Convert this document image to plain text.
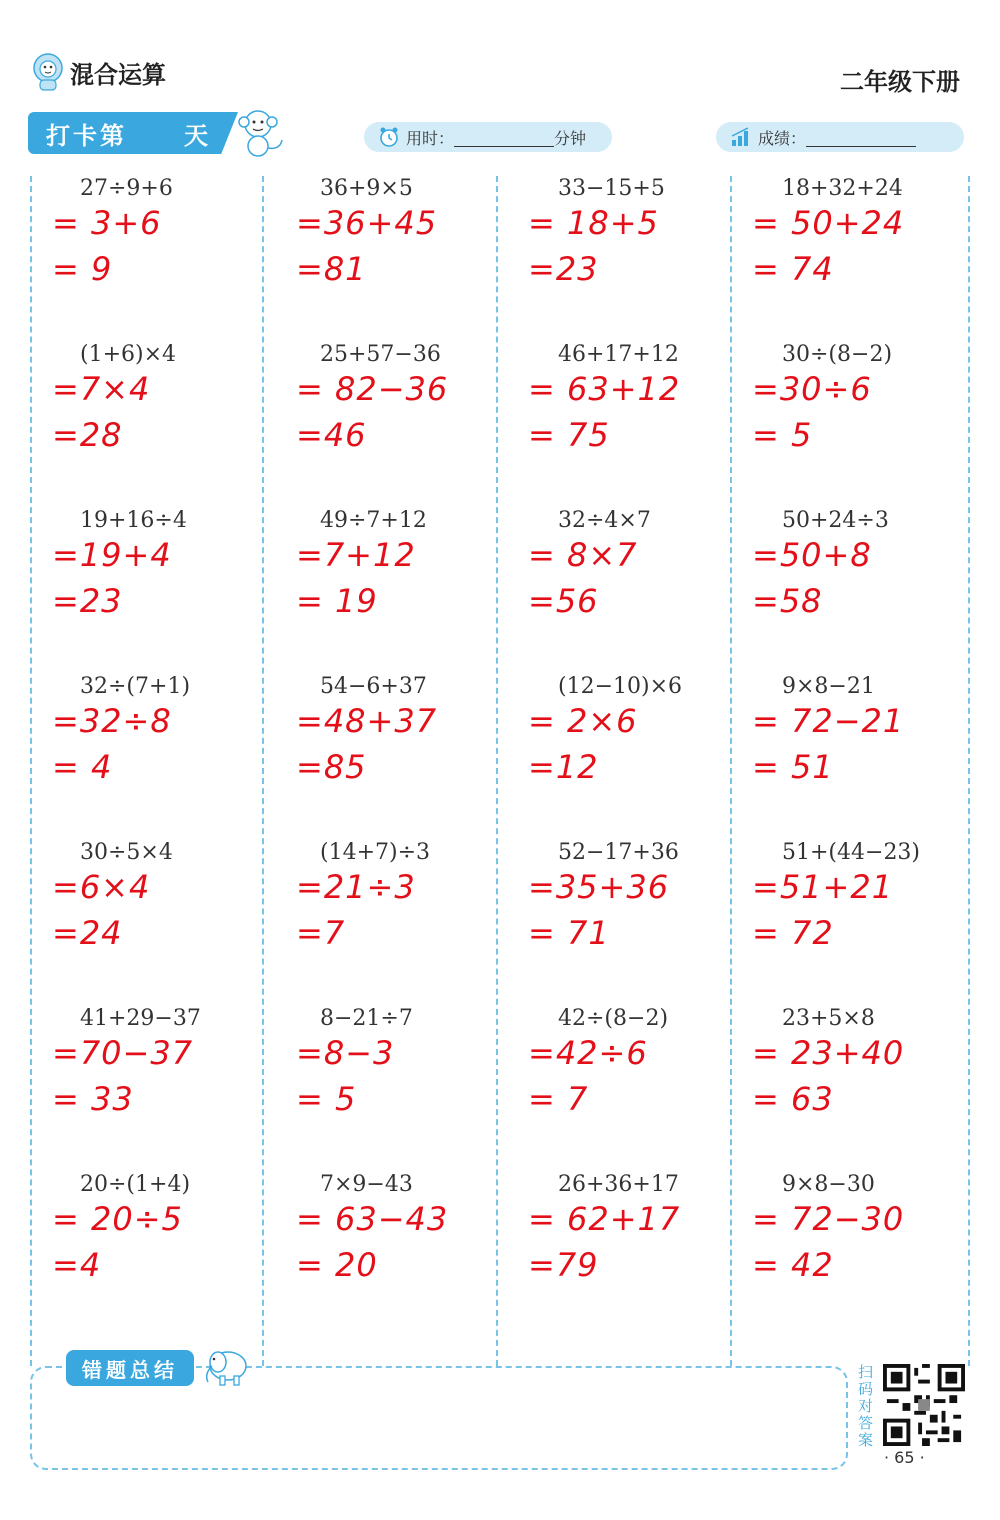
混合运算	二年级下册
打卡第 天	用时：	分钟	成绩：
27÷9+6
= 3+6
= 9
36+9×5
=36+45
=81
33−15+5
= 18+5
=23
18+32+24
= 50+24
= 74
(1+6)×4
=7×4
=28
25+57−36
= 82−36
=46
46+17+12
= 63+12
= 75
30÷(8−2)
=30÷6
= 5
19+16÷4
=19+4
=23
49÷7+12
=7+12
= 19
32÷4×7
= 8×7
=56
50+24÷3
=50+8
=58
32÷(7+1)
=32÷8
= 4
54−6+37
=48+37
=85
(12−10)×6
= 2×6
=12
9×8−21
= 72−21
= 51
30÷5×4
=6×4
=24
(14+7)÷3
=21÷3
=7
52−17+36
=35+36
= 71
51+(44−23)
=51+21
= 72
41+29−37
=70−37
= 33
8−21÷7
=8−3
= 5
42÷(8−2)
=42÷6
= 7
23+5×8
= 23+40
= 63
20÷(1+4)
= 20÷5
=4
7×9−43
= 63−43
= 20
26+36+17
= 62+17
=79
9×8−30
= 72−30
= 42
错题总结	扫码对答案
· 65 ·
